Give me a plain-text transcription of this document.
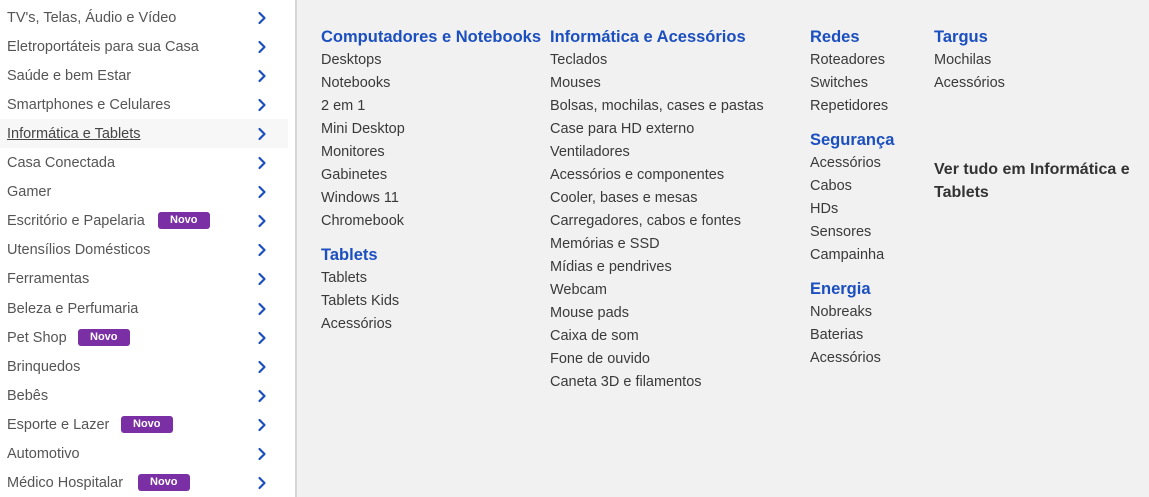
TV's, Telas, Áudio e Vídeo
Eletroportáteis para sua Casa
Saúde e bem Estar
Smartphones e Celulares
Informática e Tablets
Casa Conectada
Gamer
Escritório e Papelaria	Novo
Utensílios Domésticos
Ferramentas
Beleza e Perfumaria
Pet Shop	Novo
Brinquedos
Bebês
Esporte e Lazer	Novo
Automotivo
Médico Hospitalar	Novo
Computadores e Notebooks
Desktops
Notebooks
2 em 1
Mini Desktop
Monitores
Gabinetes
Windows 11
Chromebook
Tablets
Tablets
Tablets Kids
Acessórios
Informática e Acessórios
Teclados
Mouses
Bolsas, mochilas, cases e pastas
Case para HD externo
Ventiladores
Acessórios e componentes
Cooler, bases e mesas
Carregadores, cabos e fontes
Memórias e SSD
Mídias e pendrives
Webcam
Mouse pads
Caixa de som
Fone de ouvido
Caneta 3D e filamentos
Redes
Roteadores
Switches
Repetidores
Segurança
Acessórios
Cabos
HDs
Sensores
Campainha
Energia
Nobreaks
Baterias
Acessórios
Targus
Mochilas
Acessórios
Ver tudo em Informática e Tablets
